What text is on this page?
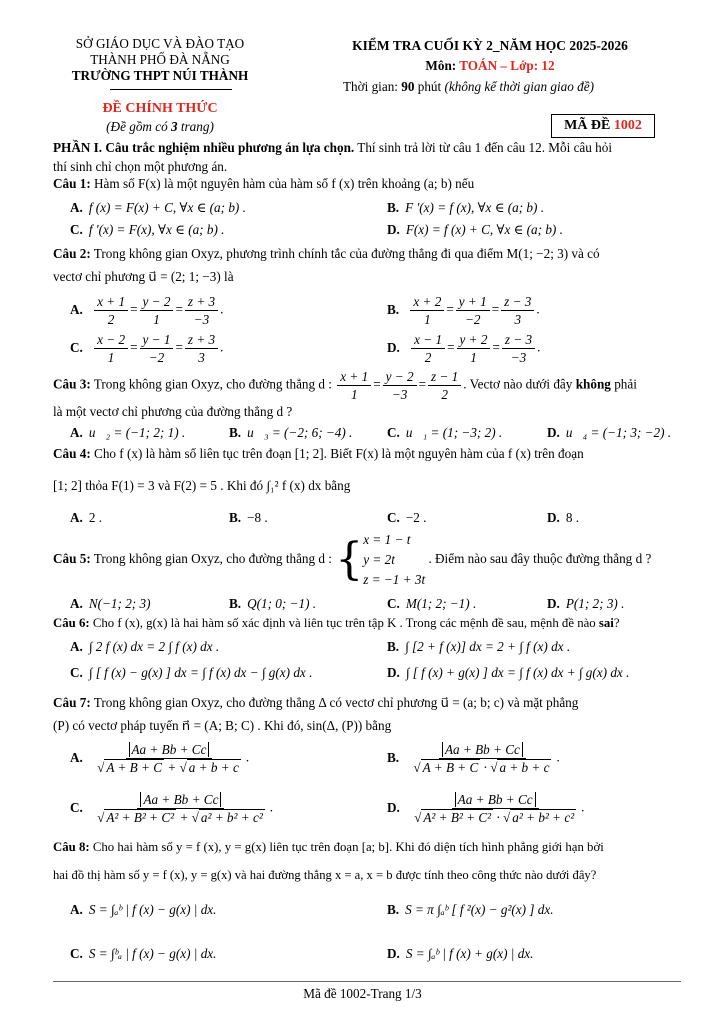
SỞ GIÁO DỤC VÀ ĐÀO TẠO
THÀNH PHỐ ĐÀ NẴNG
TRƯỜNG THPT NÚI THÀNH
ĐỀ CHÍNH THỨC
(Đề gồm có 3 trang)
KIỂM TRA CUỐI KỲ 2_NĂM HỌC 2025-2026
Môn: TOÁN – Lớp: 12
Thời gian: 90 phút (không kể thời gian giao đề)
MÃ ĐỀ 1002
PHẦN I. Câu trắc nghiệm nhiều phương án lựa chọn. Thí sinh trả lời từ câu 1 đến câu 12. Mỗi câu hỏi
thí sinh chỉ chọn một phương án.
Câu 1: Hàm số F(x) là một nguyên hàm của hàm số f (x) trên khoảng (a; b) nếu
A. f (x) = F(x) + C, ∀x ∈ (a; b) .	B. F '(x) = f (x), ∀x ∈ (a; b) .
C. f '(x) = F(x), ∀x ∈ (a; b) .	D. F(x) = f (x) + C, ∀x ∈ (a; b) .
Câu 2: Trong không gian Oxyz, phương trình chính tắc của đường thẳng đi qua điểm M(1; −2; 3) và có
vectơ chỉ phương u⃗ = (2; 1; −3) là
A. $\frac{x + 1}{2} = \frac{y - 2}{1} = \frac{z + 3}{-3}$ .	B. $\frac{x + 2}{1} = \frac{y + 1}{-2} = \frac{z - 3}{3}$ .
C. $\frac{x - 2}{1} = \frac{y - 1}{-2} = \frac{z + 3}{3}$ .	D. $\frac{x - 1}{2} = \frac{y + 2}{1} = \frac{z - 3}{-3}$ .
Câu 3: Trong không gian Oxyz, cho đường thẳng d : $\frac{x + 1}{1} = \frac{y - 2}{-3} = \frac{z - 1}{2}$ . Vectơ nào dưới đây không phải
là một vectơ chỉ phương của đường thẳng d ?
A. u⃗₂ = (−1; 2; 1) .	B. u⃗₃ = (−2; 6; −4) .	C. u⃗₁ = (1; −3; 2) .	D. u⃗₄ = (−1; 3; −2) .
Câu 4: Cho f (x) là hàm số liên tục trên đoạn [1; 2]. Biết F(x) là một nguyên hàm của f (x) trên đoạn
[1; 2] thỏa F(1) = 3 và F(2) = 5 . Khi đó ∫₁² f (x) dx bằng
A. 2 .	B. −8 .	C. −2 .	D. 8 .
Câu 5: Trong không gian Oxyz, cho đường thẳng d : {x = 1 − t
y = 2t
z = −1 + 3t . Điểm nào sau đây thuộc đường thẳng d ?
A. N(−1; 2; 3)	B. Q(1; 0; −1) .	C. M(1; 2; −1) .	D. P(1; 2; 3) .
Câu 6: Cho f (x), g(x) là hai hàm số xác định và liên tục trên tập K . Trong các mệnh đề sau, mệnh đề nào sai?
A. ∫ 2 f (x) dx = 2 ∫ f (x) dx .	B. ∫ [2 + f (x)] dx = 2 + ∫ f (x) dx .
C. ∫ [ f (x) − g(x) ] dx = ∫ f (x) dx − ∫ g(x) dx .	D. ∫ [ f (x) + g(x) ] dx = ∫ f (x) dx + ∫ g(x) dx .
Câu 7: Trong không gian Oxyz, cho đường thẳng Δ có vectơ chỉ phương u⃗ = (a; b; c) và mặt phẳng
(P) có vectơ pháp tuyến n⃗ = (A; B; C) . Khi đó, sin(Δ, (P)) bằng
A. $\frac{Aa + Bb + Cc}{√ A + B + C + √ a + b + c}$ .	B. $\frac{Aa + Bb + Cc}{√ A + B + C \cdot √ a + b + c}$ .
C. $\frac{Aa + Bb + Cc}{\text{√ A² + B² + C² + √ a² + b² + c²}}$ .	D. $\frac{Aa + Bb + Cc}{\text{√ A² + B² + C² · √ a² + b² + c²}}$ .
Câu 8: Cho hai hàm số y = f (x), y = g(x) liên tục trên đoạn [a; b]. Khi đó diện tích hình phẳng giới hạn bởi
hai đồ thị hàm số y = f (x), y = g(x) và hai đường thẳng x = a, x = b được tính theo công thức nào dưới đây?
A. S = ∫ₐᵇ | f (x) − g(x) | dx.	B. S = π ∫ₐᵇ [ f ²(x) − g²(x) ] dx.
C. S = ∫ᵇₐ | f (x) − g(x) | dx.	D. S = ∫ₐᵇ | f (x) + g(x) | dx.
Mã đề 1002-Trang 1/3
